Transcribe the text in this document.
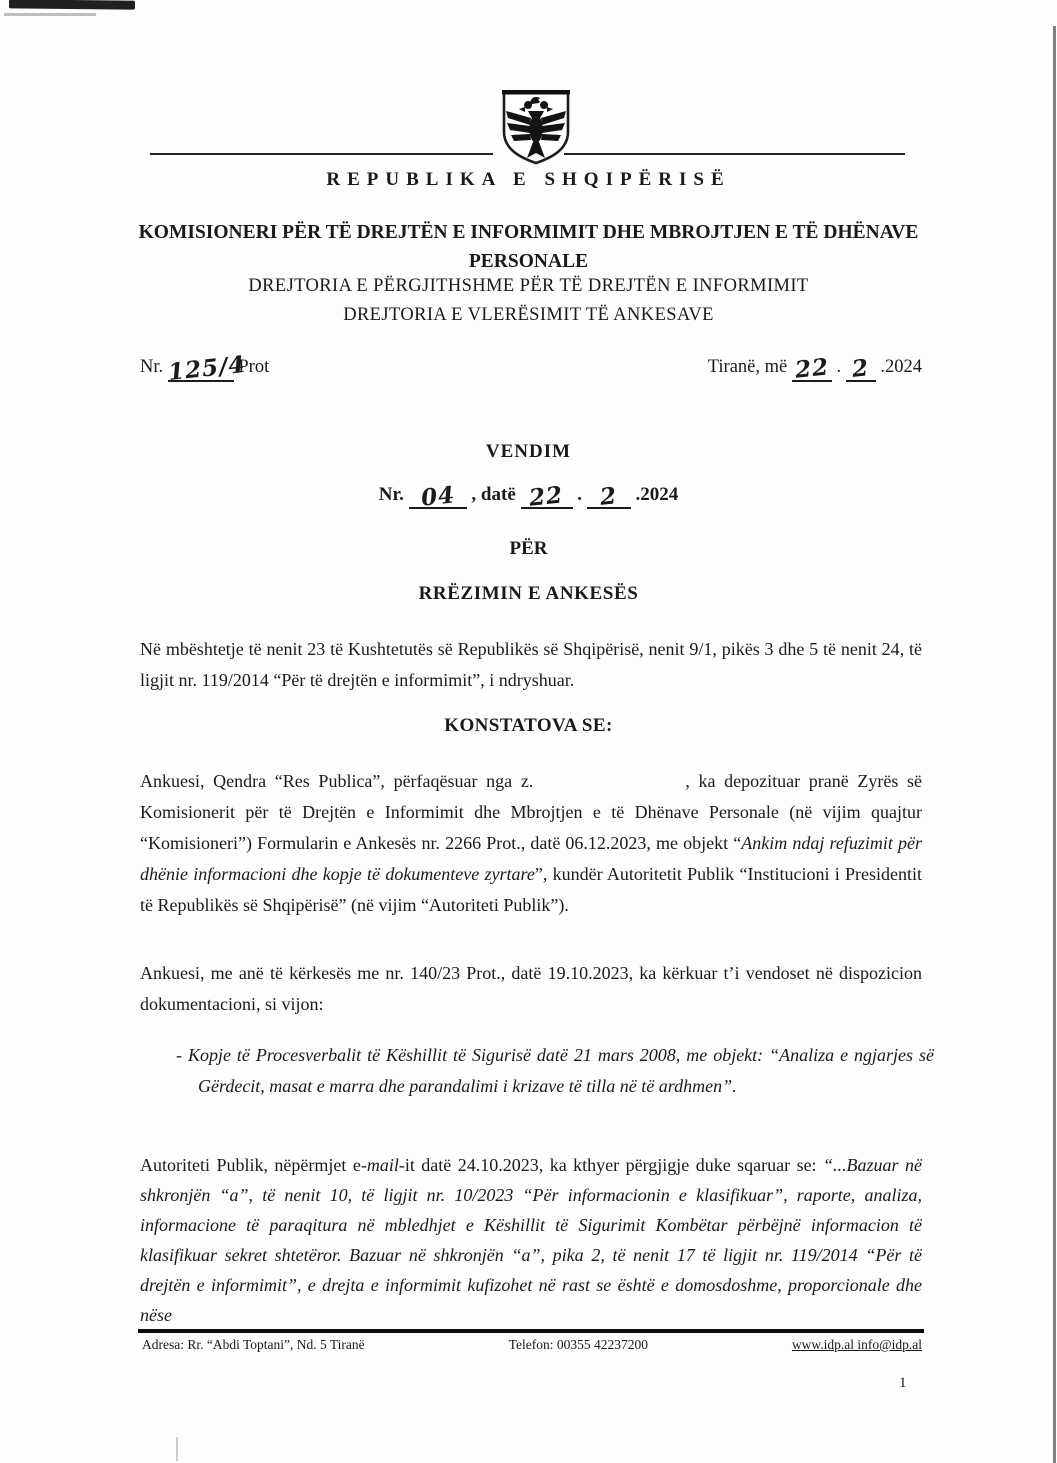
REPUBLIKA E SHQIPËRISË
KOMISIONERI PËR TË DREJTËN E INFORMIMIT DHE MBROJTJEN E TË DHËNAVE PERSONALE
DREJTORIA E PËRGJITHSHME PËR TË DREJTËN E INFORMIMIT
DREJTORIA E VLERËSIMIT TË ANKESAVE
Nr. 125/4 Prot	Tiranë, më 22 . 2 .2024
VENDIM
Nr. 04 , datë 22 . 2 .2024
PËR
RRËZIMIN E ANKESËS

Në mbështetje të nenit 23 të Kushtetutës së Republikës së Shqipërisë, nenit 9/1, pikës 3 dhe 5 të nenit 24, të ligjit nr. 119/2014 “Për të drejtën e informimit”, i ndryshuar.

KONSTATOVA SE:

Ankuesi, Qendra “Res Publica”, përfaqësuar nga z.	, ka depozituar pranë Zyrës së Komisionerit për të Drejtën e Informimit dhe Mbrojtjen e të Dhënave Personale (në vijim quajtur “Komisioneri”) Formularin e Ankesës nr. 2266 Prot., datë 06.12.2023, me objekt “Ankim ndaj refuzimit për dhënie informacioni dhe kopje të dokumenteve zyrtare”, kundër Autoritetit Publik “Institucioni i Presidentit të Republikës së Shqipërisë” (në vijim “Autoriteti Publik”).

Ankuesi, me anë të kërkesës me nr. 140/23 Prot., datë 19.10.2023, ka kërkuar t’i vendoset në dispozicion dokumentacioni, si vijon:

- Kopje të Procesverbalit të Këshillit të Sigurisë datë 21 mars 2008, me objekt: “Analiza e ngjarjes së Gërdecit, masat e marra dhe parandalimi i krizave të tilla në të ardhmen”.

Autoriteti Publik, nëpërmjet e-mail-it datë 24.10.2023, ka kthyer përgjigje duke sqaruar se: “...Bazuar në shkronjën “a”, të nenit 10, të ligjit nr. 10/2023 “Për informacionin e klasifikuar”, raporte, analiza, informacione të paraqitura në mbledhjet e Këshillit të Sigurimit Kombëtar përbëjnë informacion të klasifikuar sekret shtetëror. Bazuar në shkronjën “a”, pika 2, të nenit 17 të ligjit nr. 119/2014 “Për të drejtën e informimit”, e drejta e informimit kufizohet në rast se është e domosdoshme, proporcionale dhe nëse

Adresa: Rr. “Abdi Toptani”, Nd. 5 Tiranë	Telefon: 00355 42237200	www.idp.al info@idp.al
1
